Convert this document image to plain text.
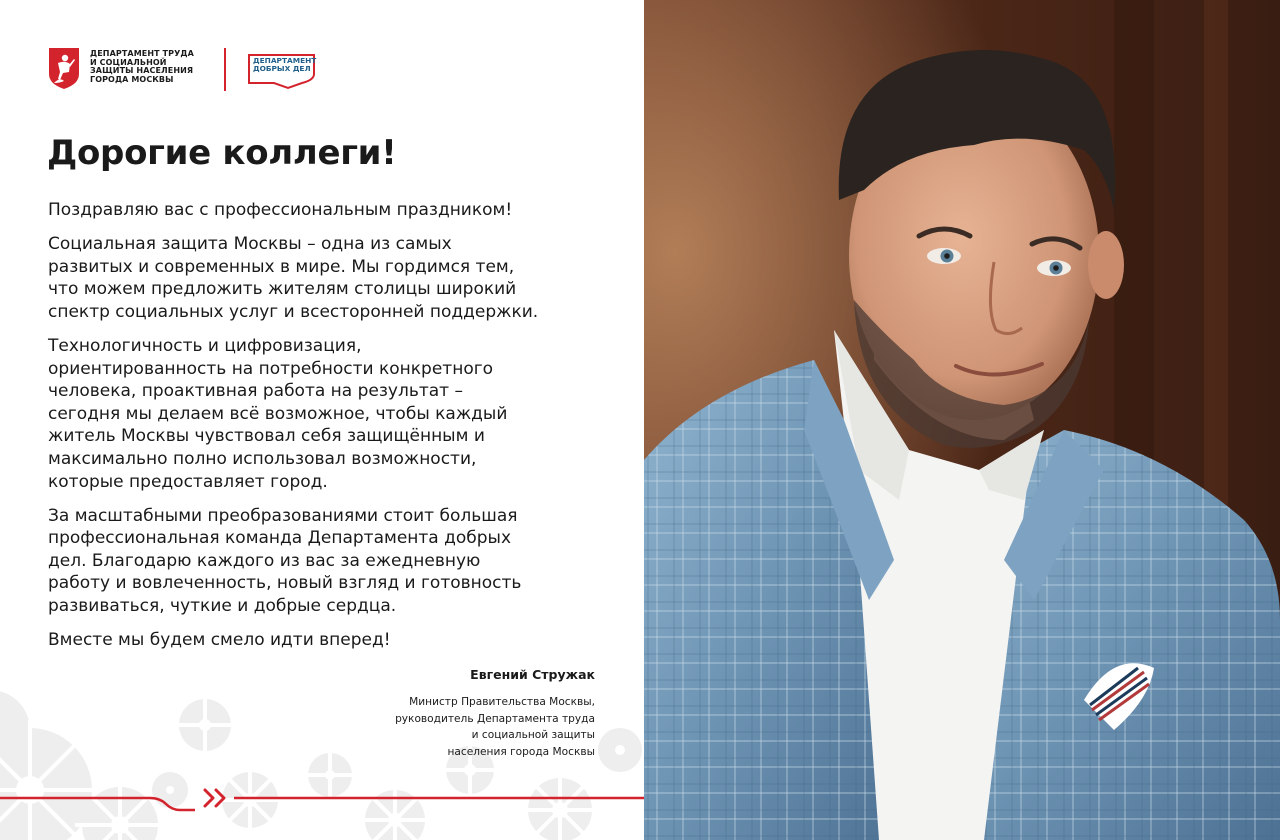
ДЕПАРТАМЕНТ ТРУДА
И СОЦИАЛЬНОЙ
ЗАЩИТЫ НАСЕЛЕНИЯ
ГОРОДА МОСКВЫ
ДЕПАРТАМЕНТ
ДОБРЫХ ДЕЛ
Дорогие коллеги!

Поздравляю вас с профессиональным праздником!

Социальная защита Москвы – одна из самых
развитых и современных в мире. Мы гордимся тем,
что можем предложить жителям столицы широкий
спектр социальных услуг и всесторонней поддержки.

Технологичность и цифровизация,
ориентированность на потребности конкретного
человека, проактивная работа на результат –
сегодня мы делаем всё возможное, чтобы каждый
житель Москвы чувствовал себя защищённым и
максимально полно использовал возможности,
которые предоставляет город.

За масштабными преобразованиями стоит большая
профессиональная команда Департамента добрых
дел. Благодарю каждого из вас за ежедневную
работу и вовлеченность, новый взгляд и готовность
развиваться, чуткие и добрые сердца.

Вместе мы будем смело идти вперед!

Евгений Стружак
Министр Правительства Москвы,
руководитель Департамента труда
и социальной защиты
населения города Москвы
